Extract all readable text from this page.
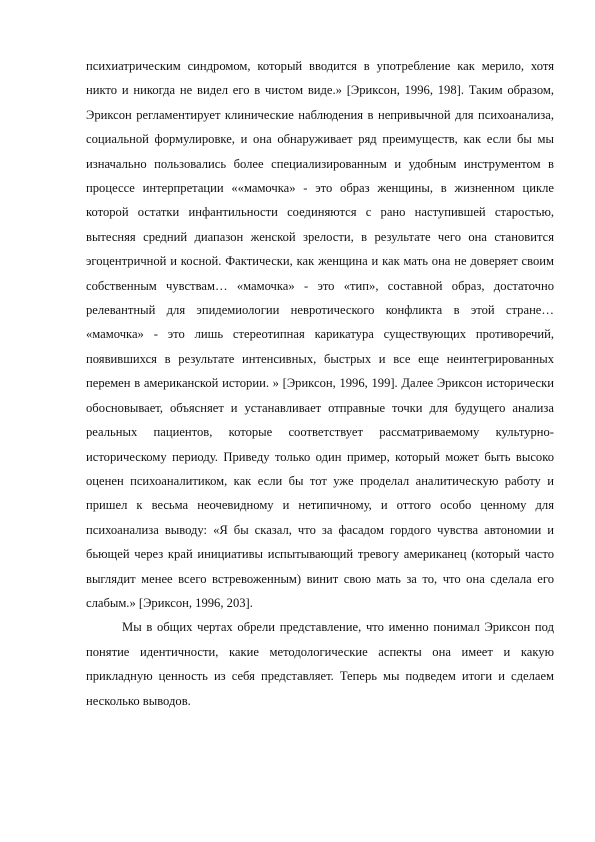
психиатрическим синдромом, который вводится в употребление как мерило, хотя никто и никогда не видел его в чистом виде.» [Эриксон, 1996, 198]. Таким образом, Эриксон регламентирует клинические наблюдения в непривычной для психоанализа, социальной формулировке, и она обнаруживает ряд преимуществ, как если бы мы изначально пользовались более специализированным и удобным инструментом в процессе интерпретации ««мамочка» - это образ женщины, в жизненном цикле которой остатки инфантильности соединяются с рано наступившей старостью, вытесняя средний диапазон женской зрелости, в результате чего она становится эгоцентричной и косной. Фактически, как женщина и как мать она не доверяет своим собственным чувствам… «мамочка» - это «тип», составной образ, достаточно релевантный для эпидемиологии невротического конфликта в этой стране… «мамочка» - это лишь стереотипная карикатура существующих противоречий, появившихся в результате интенсивных, быстрых и все еще неинтегрированных перемен в американской истории. » [Эриксон, 1996, 199]. Далее Эриксон исторически обосновывает, объясняет и устанавливает отправные точки для будущего анализа реальных пациентов, которые соответствует рассматриваемому культурно-историческому периоду. Приведу только один пример, который может быть высоко оценен психоаналитиком, как если бы тот уже проделал аналитическую работу и пришел к весьма неочевидному и нетипичному, и оттого особо ценному для психоанализа выводу: «Я бы сказал, что за фасадом гордого чувства автономии и бьющей через край инициативы испытывающий тревогу американец (который часто выглядит менее всего встревоженным) винит свою мать за то, что она сделала его слабым.» [Эриксон, 1996, 203].

Мы в общих чертах обрели представление, что именно понимал Эриксон под понятие идентичности, какие методологические аспекты она имеет и какую прикладную ценность из себя представляет. Теперь мы подведем итоги и сделаем несколько выводов.
